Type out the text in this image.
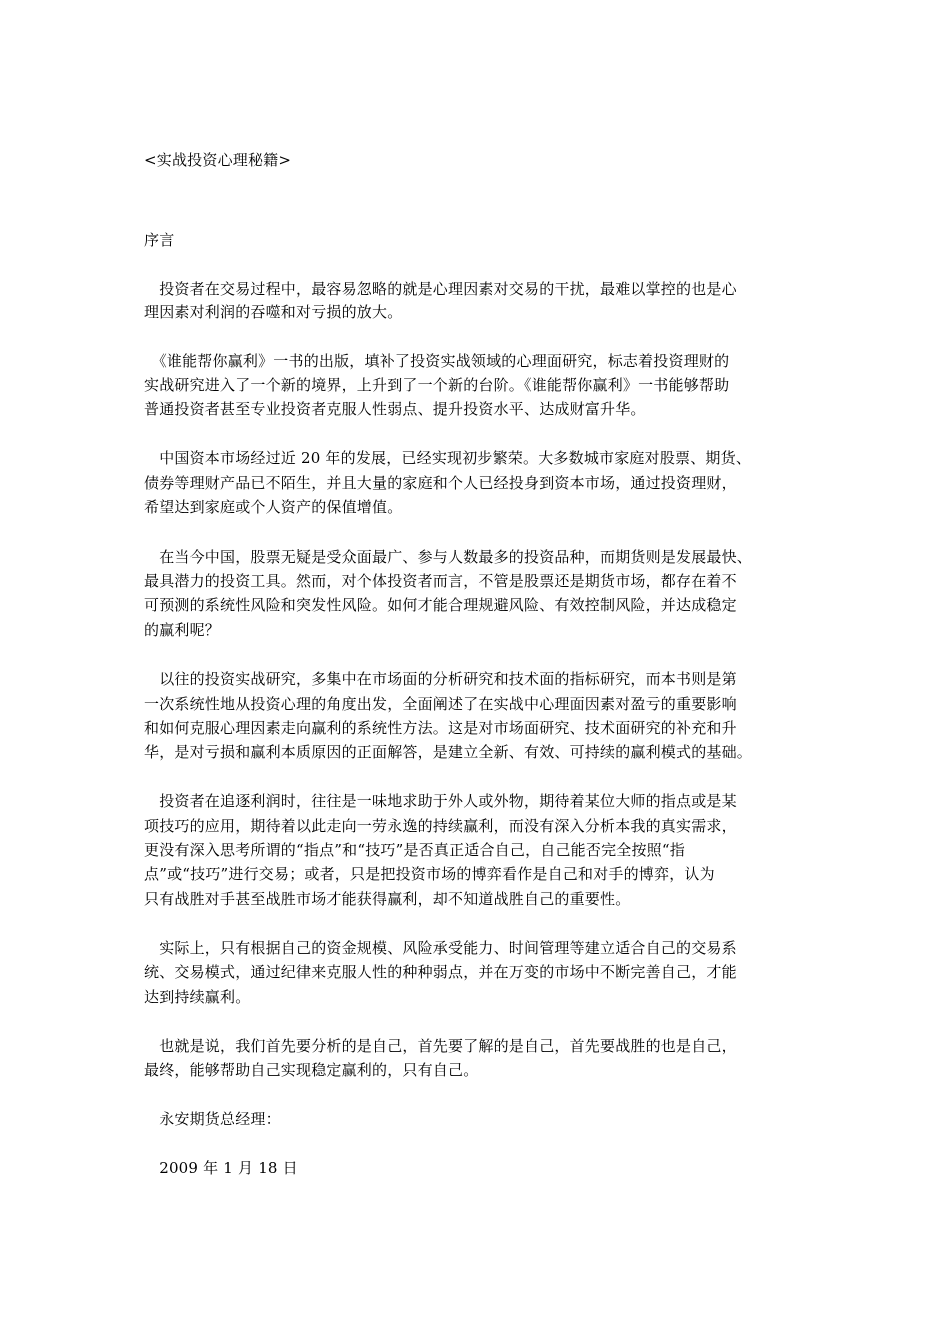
<实战投资心理秘籍>
序言
　投资者在交易过程中，最容易忽略的就是心理因素对交易的干扰，最难以掌控的也是心
理因素对利润的吞噬和对亏损的放大。
　《谁能帮你赢利》一书的出版，填补了投资实战领域的心理面研究，标志着投资理财的
实战研究进入了一个新的境界，上升到了一个新的台阶。《谁能帮你赢利》一书能够帮助
普通投资者甚至专业投资者克服人性弱点、提升投资水平、达成财富升华。
　中国资本市场经过近 20 年的发展，已经实现初步繁荣。大多数城市家庭对股票、期货、
债券等理财产品已不陌生，并且大量的家庭和个人已经投身到资本市场，通过投资理财，
希望达到家庭或个人资产的保值增值。
　在当今中国，股票无疑是受众面最广、参与人数最多的投资品种，而期货则是发展最快、
最具潜力的投资工具。然而，对个体投资者而言，不管是股票还是期货市场，都存在着不
可预测的系统性风险和突发性风险。如何才能合理规避风险、有效控制风险，并达成稳定
的赢利呢？
　以往的投资实战研究，多集中在市场面的分析研究和技术面的指标研究，而本书则是第
一次系统性地从投资心理的角度出发，全面阐述了在实战中心理面因素对盈亏的重要影响
和如何克服心理因素走向赢利的系统性方法。这是对市场面研究、技术面研究的补充和升
华，是对亏损和赢利本质原因的正面解答，是建立全新、有效、可持续的赢利模式的基础。
　投资者在追逐利润时，往往是一味地求助于外人或外物，期待着某位大师的指点或是某
项技巧的应用，期待着以此走向一劳永逸的持续赢利，而没有深入分析本我的真实需求，
更没有深入思考所谓的“指点”和“技巧”是否真正适合自己，自己能否完全按照“指
点”或“技巧”进行交易；或者，只是把投资市场的博弈看作是自己和对手的博弈，认为
只有战胜对手甚至战胜市场才能获得赢利，却不知道战胜自己的重要性。
　实际上，只有根据自己的资金规模、风险承受能力、时间管理等建立适合自己的交易系
统、交易模式，通过纪律来克服人性的种种弱点，并在万变的市场中不断完善自己，才能
达到持续赢利。
　也就是说，我们首先要分析的是自己，首先要了解的是自己，首先要战胜的也是自己，
最终，能够帮助自己实现稳定赢利的，只有自己。
　永安期货总经理：
　2009 年 1 月 18 日
